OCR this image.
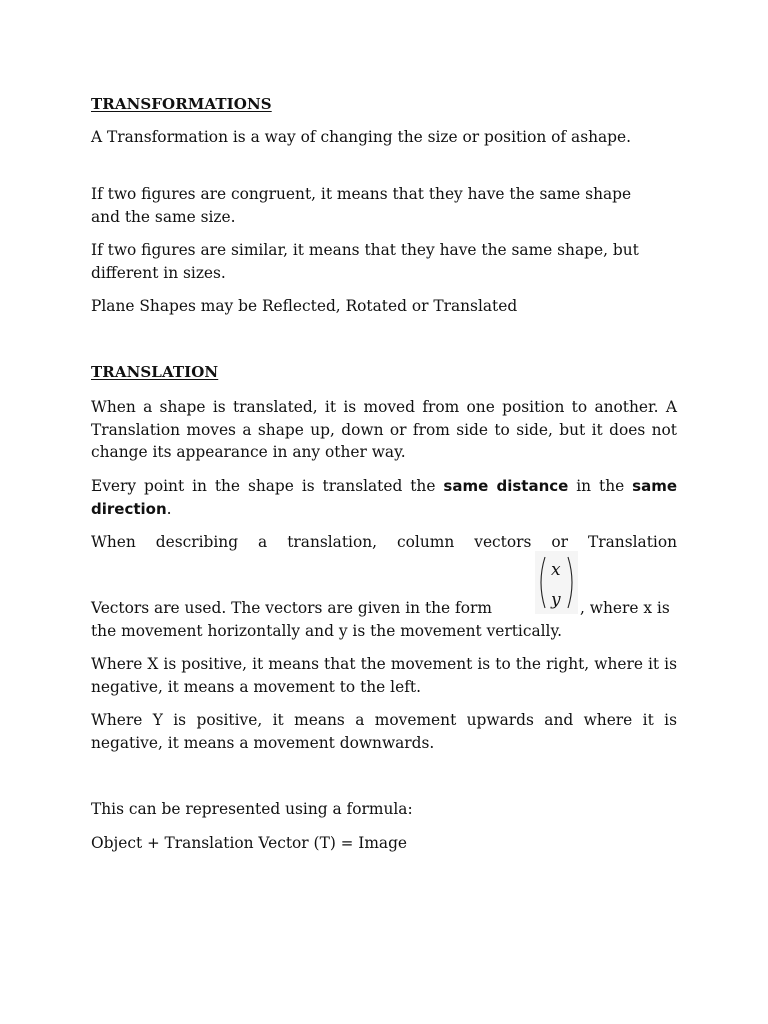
TRANSFORMATIONS

A Transformation is a way of changing the size or position of ashape.

If two figures are congruent, it means that they have the same shape and the same size.

If two figures are similar, it means that they have the same shape, but different in sizes.

Plane Shapes may be Reflected, Rotated or Translated

TRANSLATION

When a shape is translated, it is moved from one position to another. A Translation moves a shape up, down or from side to side, but it does not change its appearance in any other way.

Every point in the shape is translated the same distance in the same direction.

When describing a translation, column vectors or Translation

x
y

Vectors are used. The vectors are given in the form	, where x is

the movement horizontally and y is the movement vertically.

Where X is positive, it means that the movement is to the right, where it is negative, it means a movement to the left.

Where Y is positive, it means a movement upwards and where it is negative, it means a movement downwards.

This can be represented using a formula:

Object + Translation Vector (T) = Image
